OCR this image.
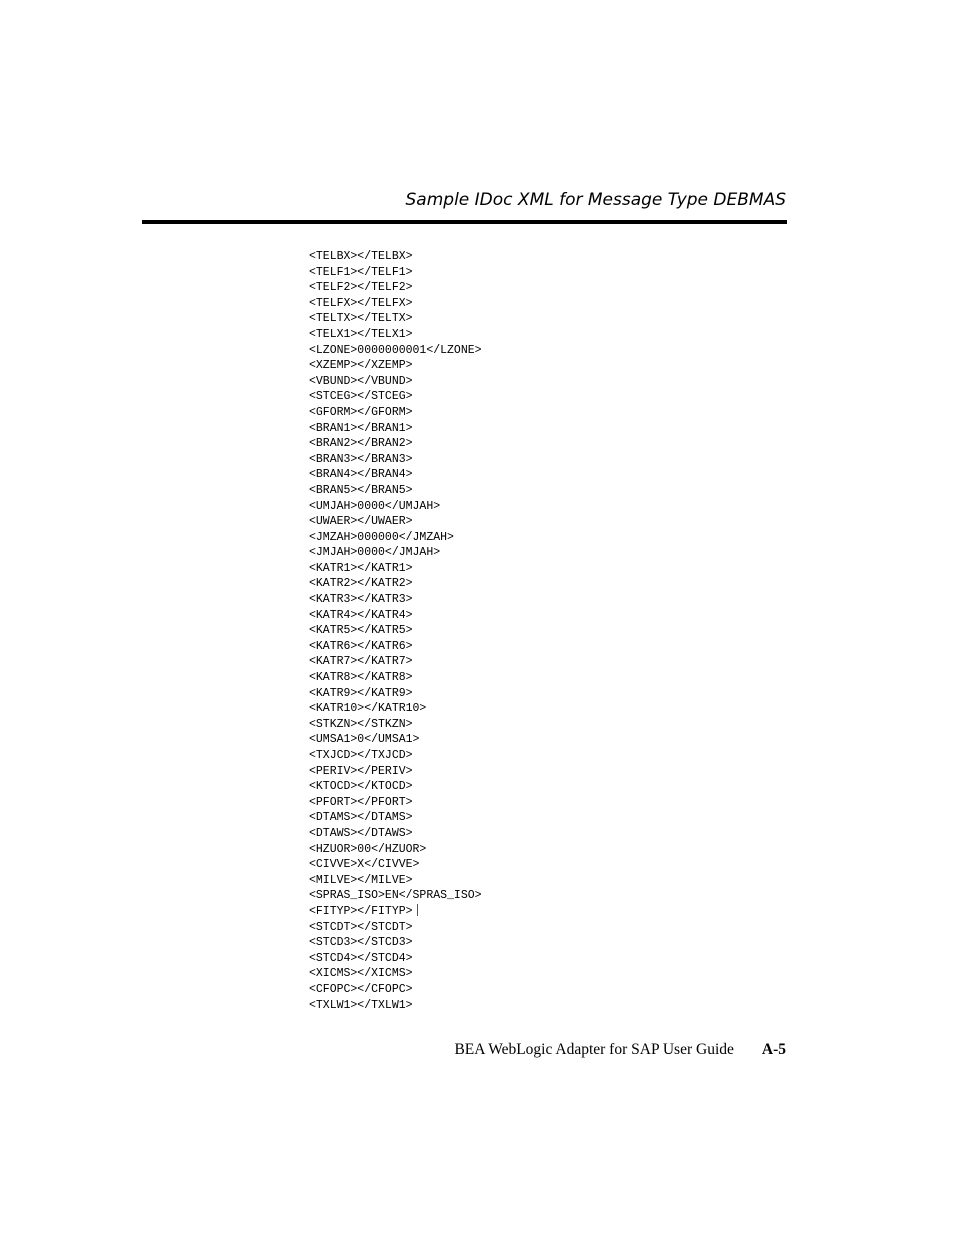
Sample IDoc XML for Message Type DEBMAS
<TELBX></TELBX>
<TELF1></TELF1>
<TELF2></TELF2>
<TELFX></TELFX>
<TELTX></TELTX>
<TELX1></TELX1>
<LZONE>0000000001</LZONE>
<XZEMP></XZEMP>
<VBUND></VBUND>
<STCEG></STCEG>
<GFORM></GFORM>
<BRAN1></BRAN1>
<BRAN2></BRAN2>
<BRAN3></BRAN3>
<BRAN4></BRAN4>
<BRAN5></BRAN5>
<UMJAH>0000</UMJAH>
<UWAER></UWAER>
<JMZAH>000000</JMZAH>
<JMJAH>0000</JMJAH>
<KATR1></KATR1>
<KATR2></KATR2>
<KATR3></KATR3>
<KATR4></KATR4>
<KATR5></KATR5>
<KATR6></KATR6>
<KATR7></KATR7>
<KATR8></KATR8>
<KATR9></KATR9>
<KATR10></KATR10>
<STKZN></STKZN>
<UMSA1>0</UMSA1>
<TXJCD></TXJCD>
<PERIV></PERIV>
<KTOCD></KTOCD>
<PFORT></PFORT>
<DTAMS></DTAMS>
<DTAWS></DTAWS>
<HZUOR>00</HZUOR>
<CIVVE>X</CIVVE>
<MILVE></MILVE>
<SPRAS_ISO>EN</SPRAS_ISO>
<FITYP></FITYP>
<STCDT></STCDT>
<STCD3></STCD3>
<STCD4></STCD4>
<XICMS></XICMS>
<CFOPC></CFOPC>
<TXLW1></TXLW1>
BEA WebLogic Adapter for SAP User Guide A-5
